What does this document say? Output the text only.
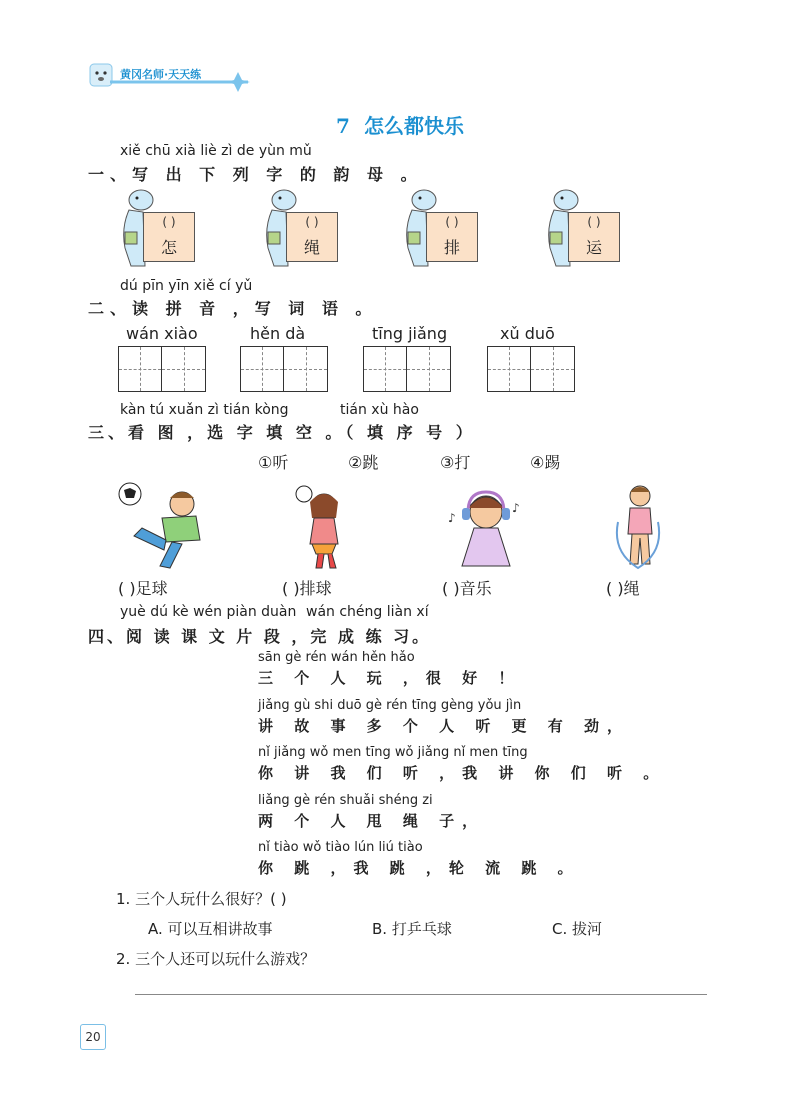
黄冈名师·天天练
7 怎么都快乐
xiě chū xià liè zì de yùn mǔ
一、写 出 下 列 字 的 韵 母 。
( )
怎
( )
绳
( )
排
( )
运
dú pīn yīn xiě cí yǔ
二、读 拼 音 ，写 词 语 。
wán xiào	hěn dà	tīng jiǎng	xǔ duō
kàn tú xuǎn zì tián kòng	tián xù hào
三、看 图 ，选 字 填 空 。（ 填 序 号 ）
①听	②跳	③打	④踢
♪
♪
( )足球	( )排球	( )音乐	( )绳
yuè dú kè wén piàn duàn wán chéng liàn xí
四、阅 读 课 文 片 段 ，完 成 练 习。
sān gè rén wán hěn hǎo
三 个 人 玩 ，很 好 ！
jiǎng gù shi duō gè rén tīng gèng yǒu jìn
讲 故 事 多 个 人 听 更 有 劲，
nǐ jiǎng wǒ men tīng wǒ jiǎng nǐ men tīng
你 讲 我 们 听 ，我 讲 你 们 听 。
liǎng gè rén shuǎi shéng zi
两 个 人 甩 绳 子，
nǐ tiào wǒ tiào lún liú tiào
你 跳 ，我 跳 ，轮 流 跳 。
1. 三个人玩什么很好？( )
A. 可以互相讲故事	B. 打乒乓球	C. 拔河
2. 三个人还可以玩什么游戏？
20
